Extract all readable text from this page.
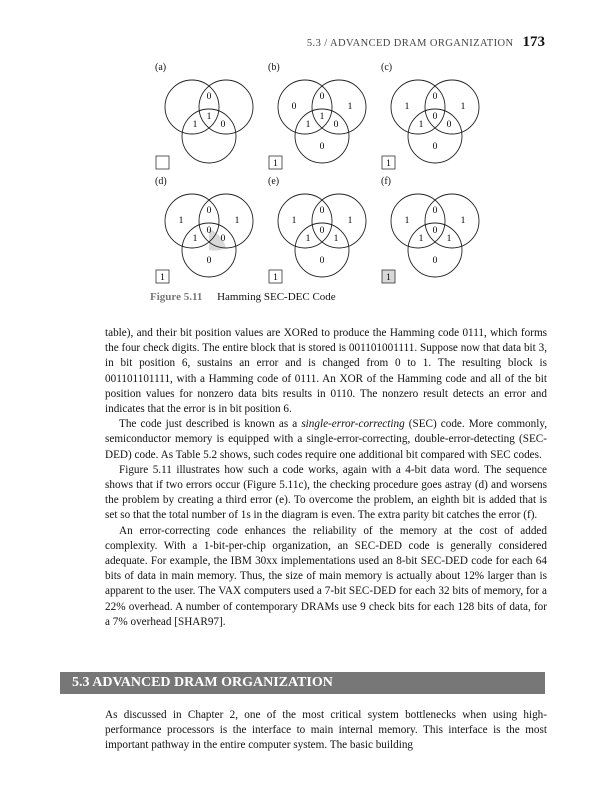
5.3 / ADVANCED DRAM ORGANIZATION 173
(a)
0
1
1 0
(b)
0
0
1
1
1 0
0
1
(c)
1
0
1
0
1 0
0
1
(d)
1
0
1
0
1 0
0
1
(e)
1
0
1
0
1 1
0
1
(f)
1
0
1
0
1 1
0
1
Figure 5.11 Hamming SEC-DEC Code

table), and their bit position values are XORed to produce the Hamming code 0111, which forms the four check digits. The entire block that is stored is 001101001111. Suppose now that data bit 3, in bit position 6, sustains an error and is changed from 0 to 1. The resulting block is 001101101111, with a Hamming code of 0111. An XOR of the Hamming code and all of the bit position values for nonzero data bits results in 0110. The nonzero result detects an error and indicates that the error is in bit position 6.

The code just described is known as a single-error-correcting (SEC) code. More commonly, semiconductor memory is equipped with a single-error-correcting, double-error-detecting (SEC-DED) code. As Table 5.2 shows, such codes require one additional bit compared with SEC codes.

Figure 5.11 illustrates how such a code works, again with a 4-bit data word. The sequence shows that if two errors occur (Figure 5.11c), the checking procedure goes astray (d) and worsens the problem by creating a third error (e). To overcome the problem, an eighth bit is added that is set so that the total number of 1s in the diagram is even. The extra parity bit catches the error (f).

An error-correcting code enhances the reliability of the memory at the cost of added complexity. With a 1-bit-per-chip organization, an SEC-DED code is generally considered adequate. For example, the IBM 30xx implementations used an 8-bit SEC-DED code for each 64 bits of data in main memory. Thus, the size of main memory is actually about 12% larger than is apparent to the user. The VAX computers used a 7-bit SEC-DED for each 32 bits of memory, for a 22% overhead. A number of contemporary DRAMs use 9 check bits for each 128 bits of data, for a 7% overhead [SHAR97].

5.3 ADVANCED DRAM ORGANIZATION

As discussed in Chapter 2, one of the most critical system bottlenecks when using high-performance processors is the interface to main internal memory. This interface is the most important pathway in the entire computer system. The basic building
